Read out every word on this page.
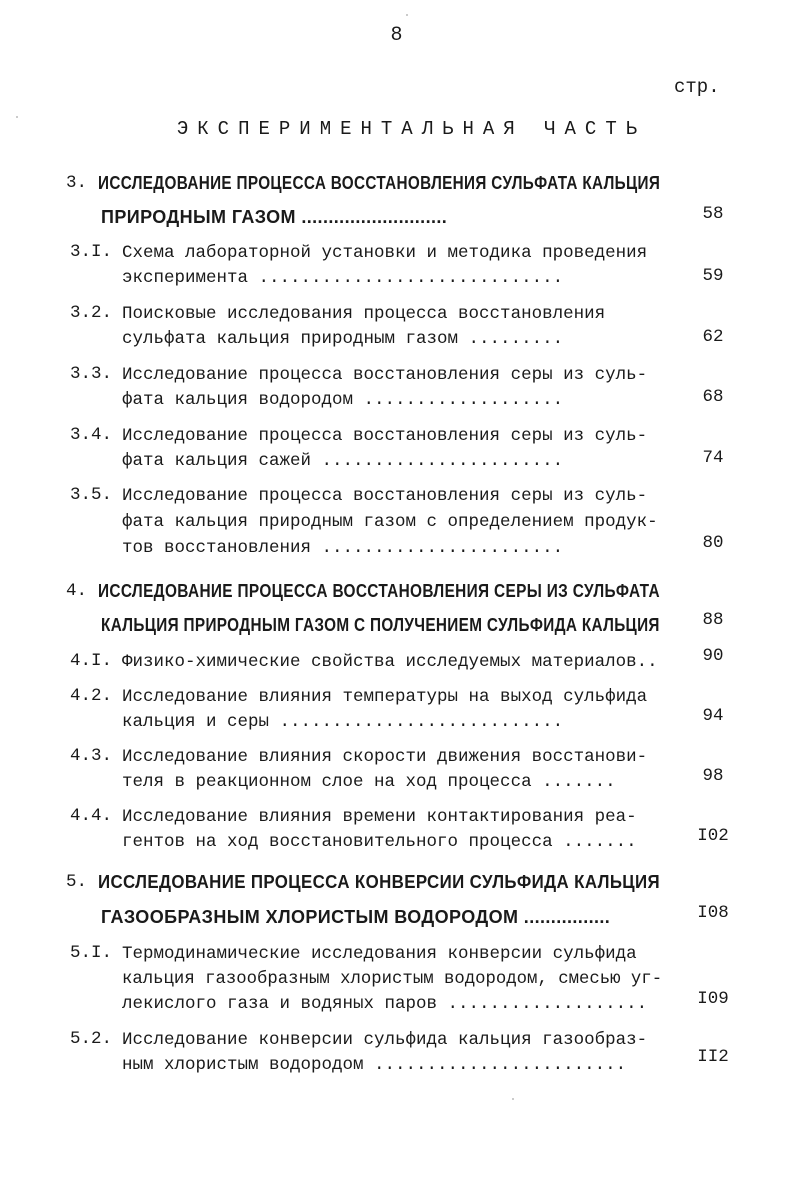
8
стр.
ЭКСПЕРИМЕНТАЛЬНАЯ ЧАСТЬ
3. ИССЛЕДОВАНИЕ ПРОЦЕССА ВОССТАНОВЛЕНИЯ СУЛЬФАТА КАЛЬЦИЯ
ПРИРОДНЫМ ГАЗОМ ...........................	58
3.I. Схема лабораторной установки и методика проведения
эксперимента .............................	59
3.2. Поисковые исследования процесса восстановления
сульфата кальция природным газом .........	62
3.3. Исследование процесса восстановления серы из суль-
фата кальция водородом ...................	68
3.4. Исследование процесса восстановления серы из суль-
фата кальция сажей .......................	74
3.5. Исследование процесса восстановления серы из суль-
фата кальция природным газом с определением продук-
тов восстановления .......................	80
4. ИССЛЕДОВАНИЕ ПРОЦЕССА ВОССТАНОВЛЕНИЯ СЕРЫ ИЗ СУЛЬФАТА
КАЛЬЦИЯ ПРИРОДНЫМ ГАЗОМ С ПОЛУЧЕНИЕМ СУЛЬФИДА КАЛЬЦИЯ	88
4.I. Физико-химические свойства исследуемых материалов..	90
4.2. Исследование влияния температуры на выход сульфида
кальция и серы ...........................	94
4.3. Исследование влияния скорости движения восстанови-
теля в реакционном слое на ход процесса .......	98
4.4. Исследование влияния времени контактирования реа-
гентов на ход восстановительного процесса .......	I02
5. ИССЛЕДОВАНИЕ ПРОЦЕССА КОНВЕРСИИ СУЛЬФИДА КАЛЬЦИЯ
ГАЗООБРАЗНЫМ ХЛОРИСТЫМ ВОДОРОДОМ ................	I08
5.I. Термодинамические исследования конверсии сульфида
кальция газообразным хлористым водородом, смесью уг-
лекислого газа и водяных паров ...................	I09
5.2. Исследование конверсии сульфида кальция газообраз-
ным хлористым водородом ........................	II2
